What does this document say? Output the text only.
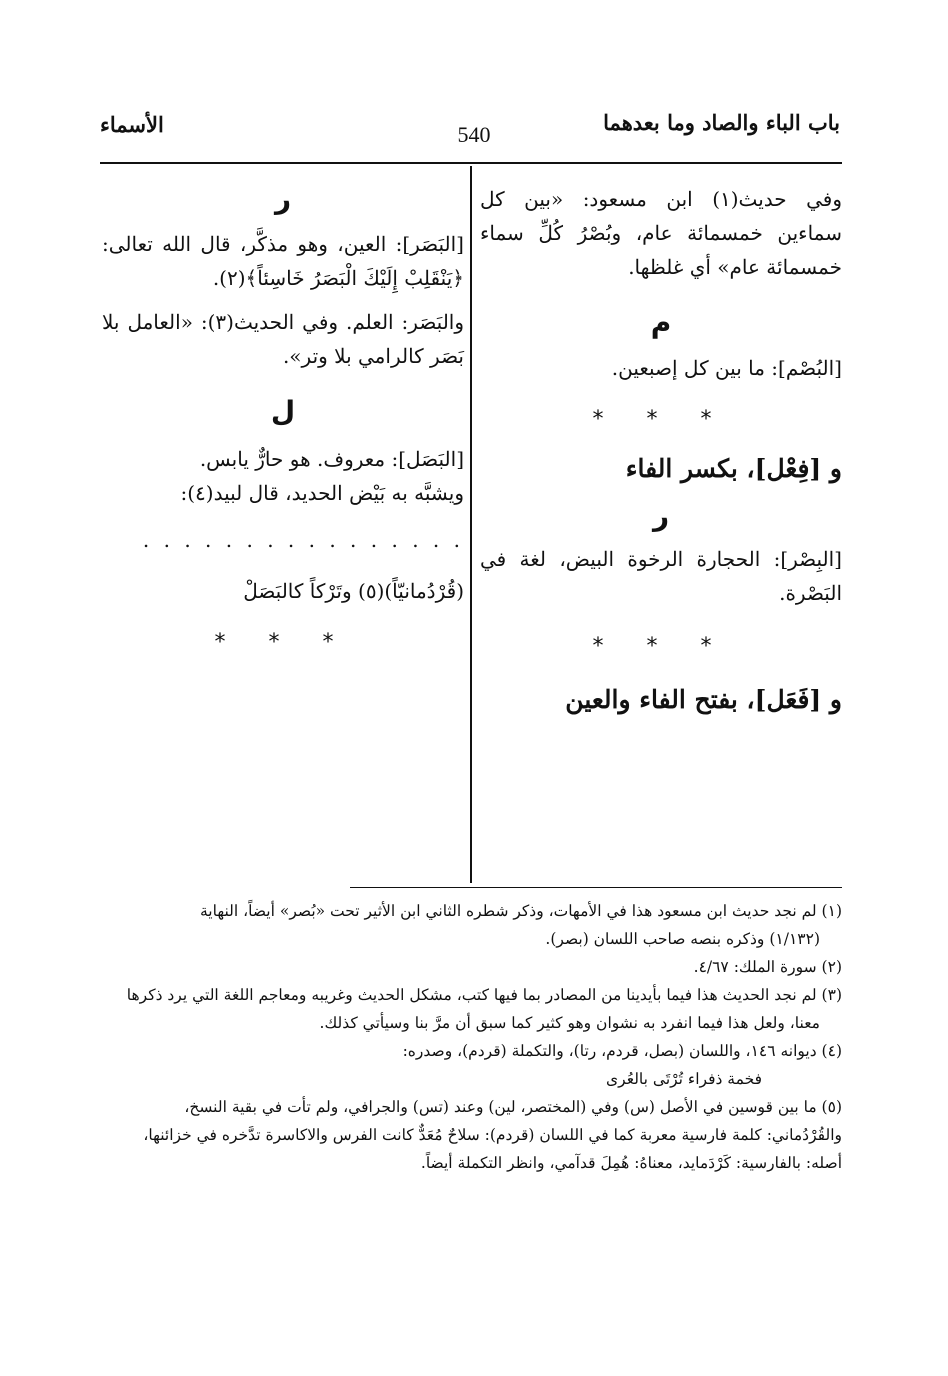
باب الباء والصاد وما بعدهما
540
الأسماء

وفي حديث(١) ابن مسعود: «بين كل سماءين خمسمائة عام، وبُصْرُ كُلِّ سماء خمسمائة عام» أي غلظها.

م

[البُصْم]: ما بين كل إصبعين.

* * *
و [فِعْل]، بكسر الفاء
ر

[البِصْر]: الحجارة الرخوة البيض، لغة في البَصْرة.

* * *
و [فَعَل]، بفتح الفاء والعين
ر

[البَصَر]: العين، وهو مذكَّر، قال الله تعالى: ﴿يَنْقَلِبْ إِلَيْكَ الْبَصَرُ خَاسِئاً﴾(٢).

والبَصَر: العلم. وفي الحديث(٣): «العامل بلا بَصَر كالرامي بلا وتر».

ل

[البَصَل]: معروف. هو حارٌّ يابس.

ويشبَّه به بَيْض الحديد، قال لبيد(٤):

. . . . . . . . . . . . . . . .

(قُرْدُمانيّاً)(٥) وتَرْكاً كالبَصَلْ

* * *

(١) لم نجد حديث ابن مسعود هذا في الأمهات، وذكر شطره الثاني ابن الأثير تحت «بُصر» أيضاً، النهاية

(١/١٣٢) وذكره بنصه صاحب اللسان (بصر).

(٢) سورة الملك: ٤/٦٧.

(٣) لم نجد الحديث هذا فيما بأيدينا من المصادر بما فيها كتب، مشكل الحديث وغريبه ومعاجم اللغة التي يرد ذكرها

معنا، ولعل هذا فيما انفرد به نشوان وهو كثير كما سبق أن مرَّ بنا وسيأتي كذلك.

(٤) ديوانه ١٤٦، واللسان (بصل، قردم، رتا)، والتكملة (قردم)، وصدره:

فخمة ذفراء تُرْتَى بالعُرى

(٥) ما بين قوسين في الأصل (س) وفي (المختصر، لين) وعند (تس) والجرافي، ولم تأت في بقية النسخ،

والقُرْدُماني: كلمة فارسية معربة كما في اللسان (قردم): سلاحٌ مُعَدٌّ كانت الفرس والاكاسرة تدَّخره في خزائنها،

أصله: بالفارسية: كَرْدَمايد، معناهُ: هُمِلَ قدآمي، وانظر التكملة أيضاً.
